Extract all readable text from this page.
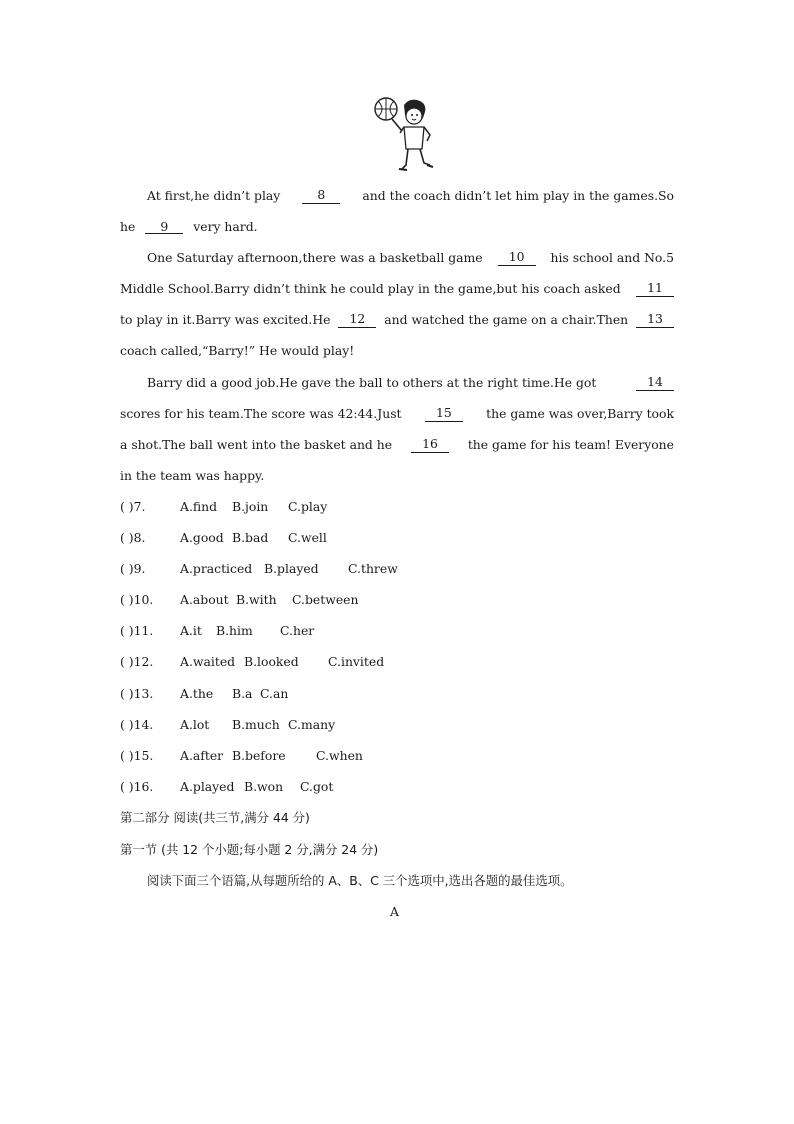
At first,he didn’t play	8	and the coach didn’t let him play in the games.So
he 9 very hard.
One Saturday afternoon,there was a basketball game	10	his school and No.5
Middle School.Barry didn’t think he could play in the game,but his coach asked	11
to play in it.Barry was excited.He	12	and watched the game on a chair.Then	13
coach called,“Barry!” He would play!
Barry did a good job.He gave the ball to others at the right time.He got	14
scores for his team.The score was 42:44.Just	15	the game was over,Barry took
a shot.The ball went into the basket and he	16	the game for his team! Everyone
in the team was happy.
( )7.	A.find B.join C.play
( )8.	A.good B.bad C.well
( )9.	A.practiced B.played C.threw
( )10. A.about B.with C.between
( )11. A.it B.him C.her
( )12. A.waited B.looked C.invited
( )13. A.the B.a C.an
( )14. A.lot B.much C.many
( )15. A.after B.before C.when
( )16. A.played B.won C.got
第二部分 阅读(共三节,满分 44 分)
第一节 (共 12 个小题;每小题 2 分,满分 24 分)
阅读下面三个语篇,从每题所给的 A、B、C 三个选项中,选出各题的最佳选项。
A
